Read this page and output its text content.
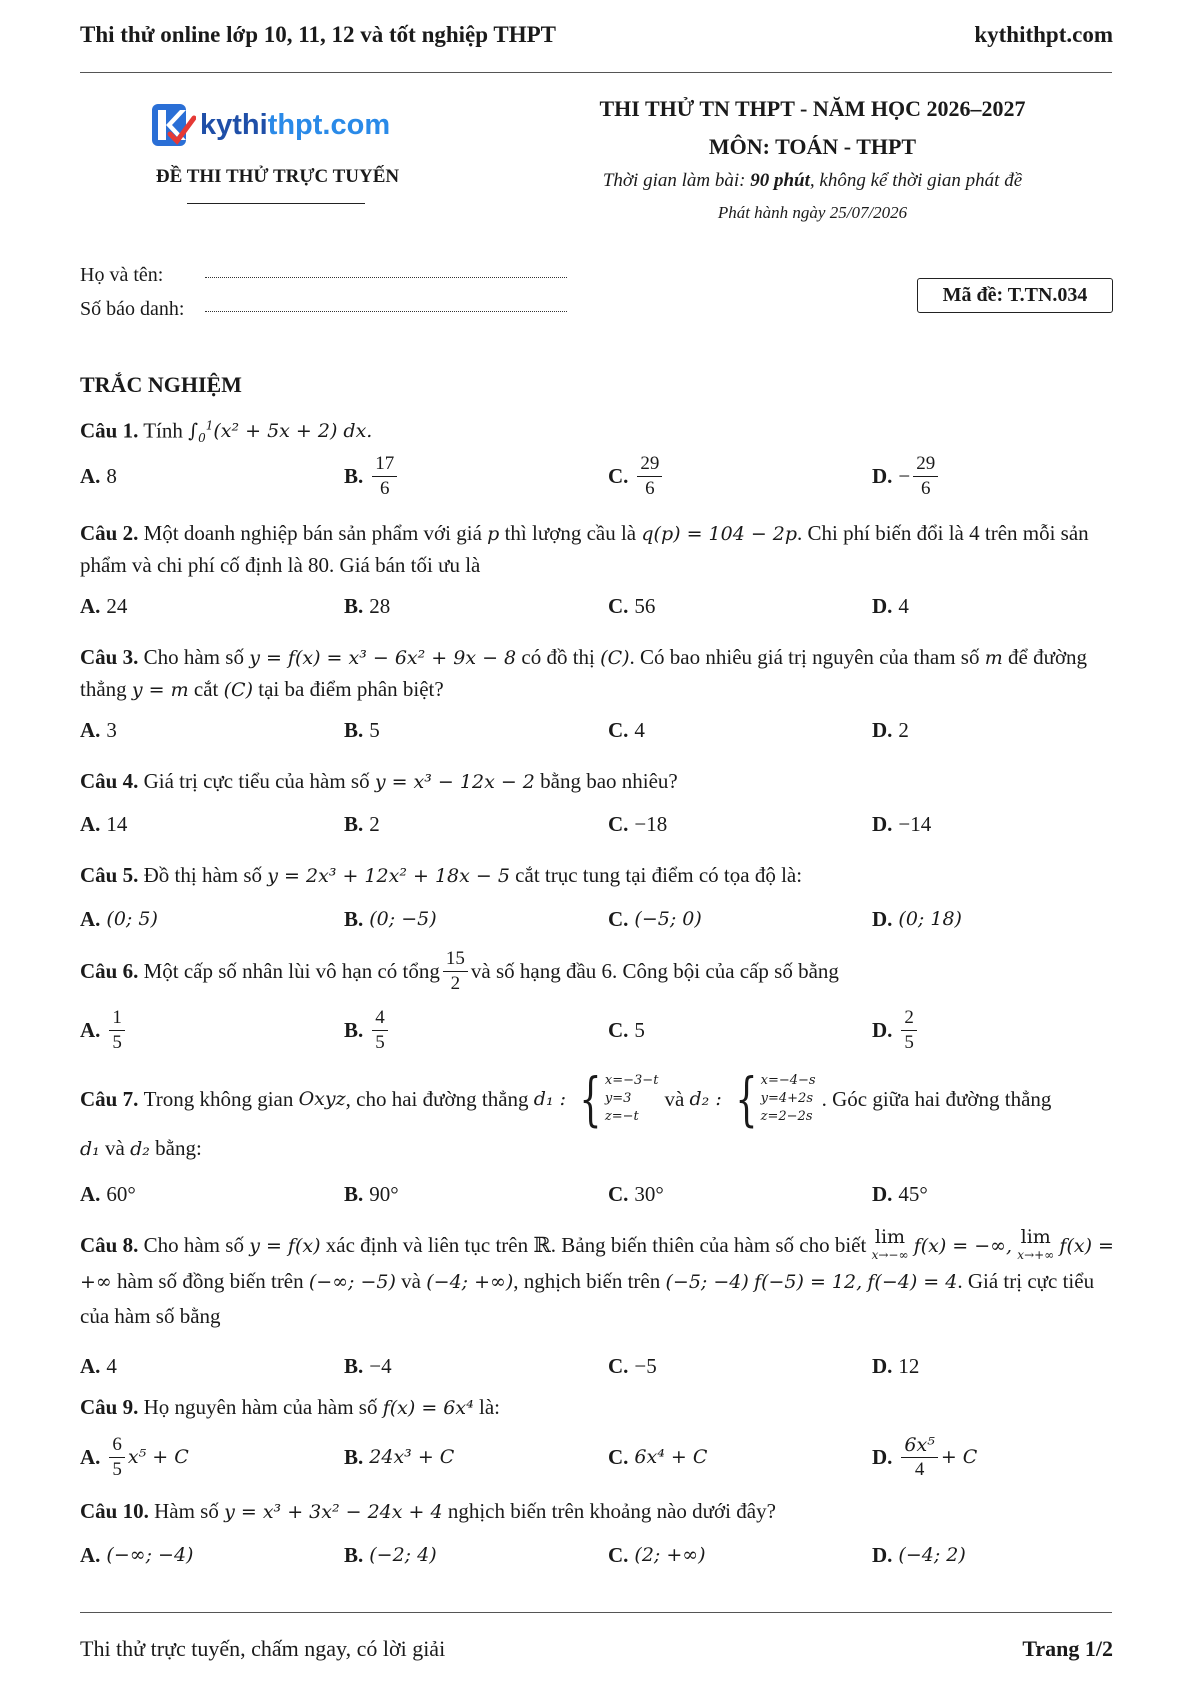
Thi thử online lớp 10, 11, 12 và tốt nghiệp THPT	kythithpt.com
kythithpt.com
ĐỀ THI THỬ TRỰC TUYẾN
THI THỬ TN THPT - NĂM HỌC 2026–2027
MÔN: TOÁN - THPT
Thời gian làm bài: 90 phút, không kể thời gian phát đề
Phát hành ngày 25/07/2026
Họ và tên:
Số báo danh:
Mã đề: T.TN.034
TRẮC NGHIỆM
Câu 1. Tính $\int_0^1(x^2 + 5x + 2)$ dx.
A. 8	B. $\frac{17}{6}$	C. $\frac{29}{6}$	D. − $\frac{29}{6}$
Câu 2. Một doanh nghiệp bán sản phẩm với giá p thì lượng cầu là q(p) = 104 − 2p. Chi phí biến đổi là 4 trên mỗi sản phẩm và chi phí cố định là 80. Giá bán tối ưu là
A. 24	B. 28	C. 56	D. 4
Câu 3. Cho hàm số y = f(x) = x³ − 6x² + 9x − 8 có đồ thị (C). Có bao nhiêu giá trị nguyên của tham số m để đường thẳng y = m cắt (C) tại ba điểm phân biệt?
A. 3	B. 5	C. 4	D. 2
Câu 4. Giá trị cực tiểu của hàm số y = x³ − 12x − 2 bằng bao nhiêu?
A. 14	B. 2	C. −18	D. −14
Câu 5. Đồ thị hàm số y = 2x³ + 12x² + 18x − 5 cắt trục tung tại điểm có tọa độ là:
A. (0; 5)	B. (0; −5)	C. (−5; 0)	D. (0; 18)
Câu 6.
Một cấp số nhân lùi vô hạn có tổng $\frac{15}{2}$ và số hạng đầu 6. Công bội của cấp số bằng
A. $\frac{1}{5}$	B. $\frac{4}{5}$	C. 5	D. $\frac{2}{5}$
Câu 7.
Trong không gian
Oxyz , cho hai đường thẳng
d₁ : { x=−3−t
y=3
z=−t
và
d₂ : { x=−4−s
y=4+2s
z=2−2s
. Góc giữa hai đường thẳng
d₁ và d₂ bằng:
A. 60°	B. 90°	C. 30°	D. 45°
Câu 8. Cho hàm số y = f(x) xác định và liên tục trên ℝ. Bảng biến thiên của hàm số cho biết lim
x→−∞ f(x) = −∞, lim
x→+∞ f(x) = +∞ hàm số đồng biến trên (−∞; −5) và (−4; +∞), nghịch biến trên (−5; −4) f(−5) = 12, f(−4) = 4. Giá trị cực tiểu của hàm số bằng
A. 4	B. −4	C. −5	D. 12
Câu 9. Họ nguyên hàm của hàm số f(x) = 6x⁴ là:
A. $\frac{6}{5} x^5 + C$	B. 24x³ + C	C. 6x⁴ + C	D. $\frac{\text{6x⁵}}{4} + C$
Câu 10. Hàm số y = x³ + 3x² − 24x + 4 nghịch biến trên khoảng nào dưới đây?
A. (−∞; −4)	B. (−2; 4)	C. (2; +∞)	D. (−4; 2)
Thi thử trực tuyến, chấm ngay, có lời giải	Trang 1/2
